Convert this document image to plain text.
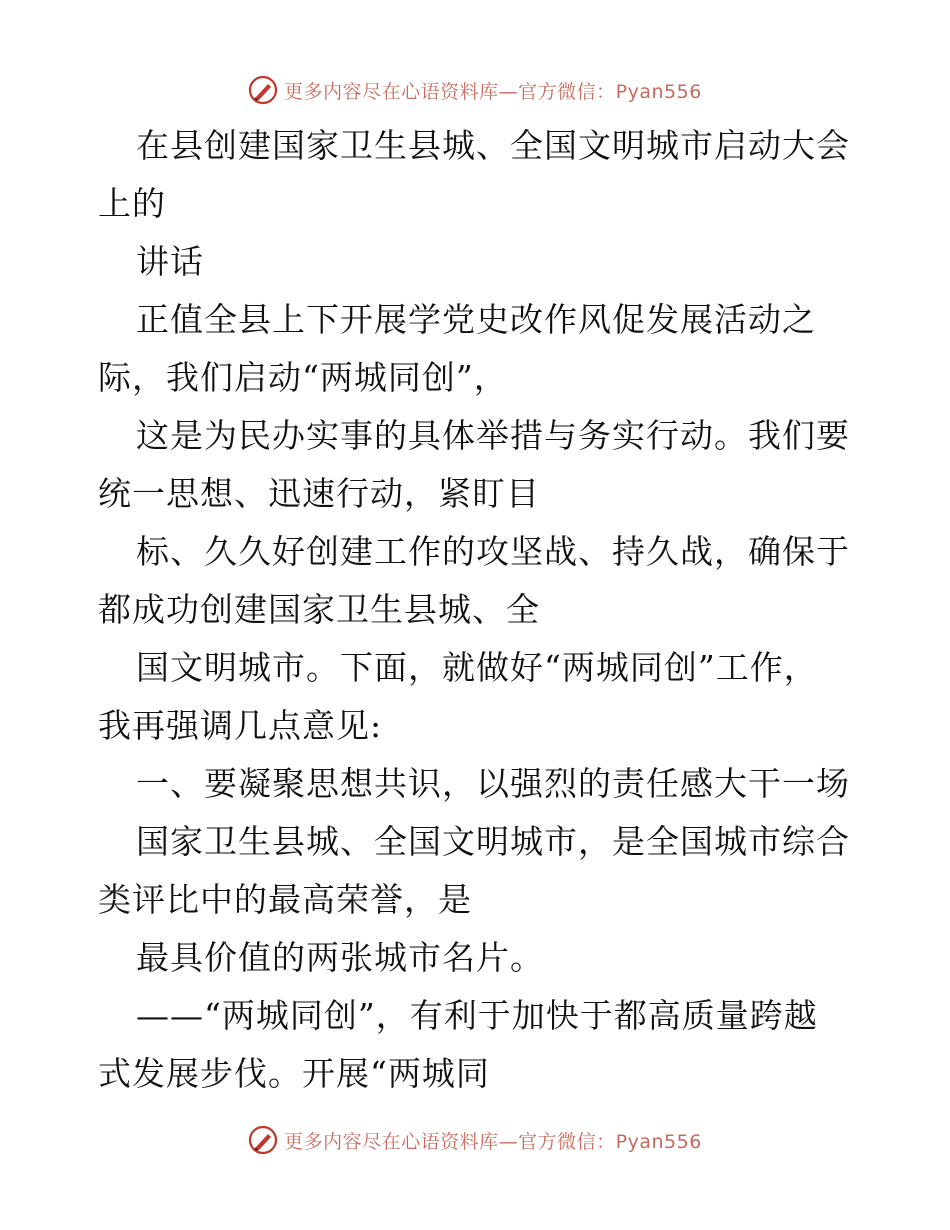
更多内容尽在心语资料库—官方微信：Pyan556
在县创建国家卫生县城、全国文明城市启动大会
上的
讲话
正值全县上下开展学党史改作风促发展活动之
际，我们启动“两城同创”，
这是为民办实事的具体举措与务实行动。我们要
统一思想、迅速行动，紧盯目
标、久久好创建工作的攻坚战、持久战，确保于
都成功创建国家卫生县城、全
国文明城市。下面，就做好“两城同创”工作，
我再强调几点意见:
一、要凝聚思想共识，以强烈的责任感大干一场
国家卫生县城、全国文明城市，是全国城市综合
类评比中的最高荣誉，是
最具价值的两张城市名片。
——“两城同创”，有利于加快于都高质量跨越
式发展步伐。开展“两城同
更多内容尽在心语资料库—官方微信：Pyan556
